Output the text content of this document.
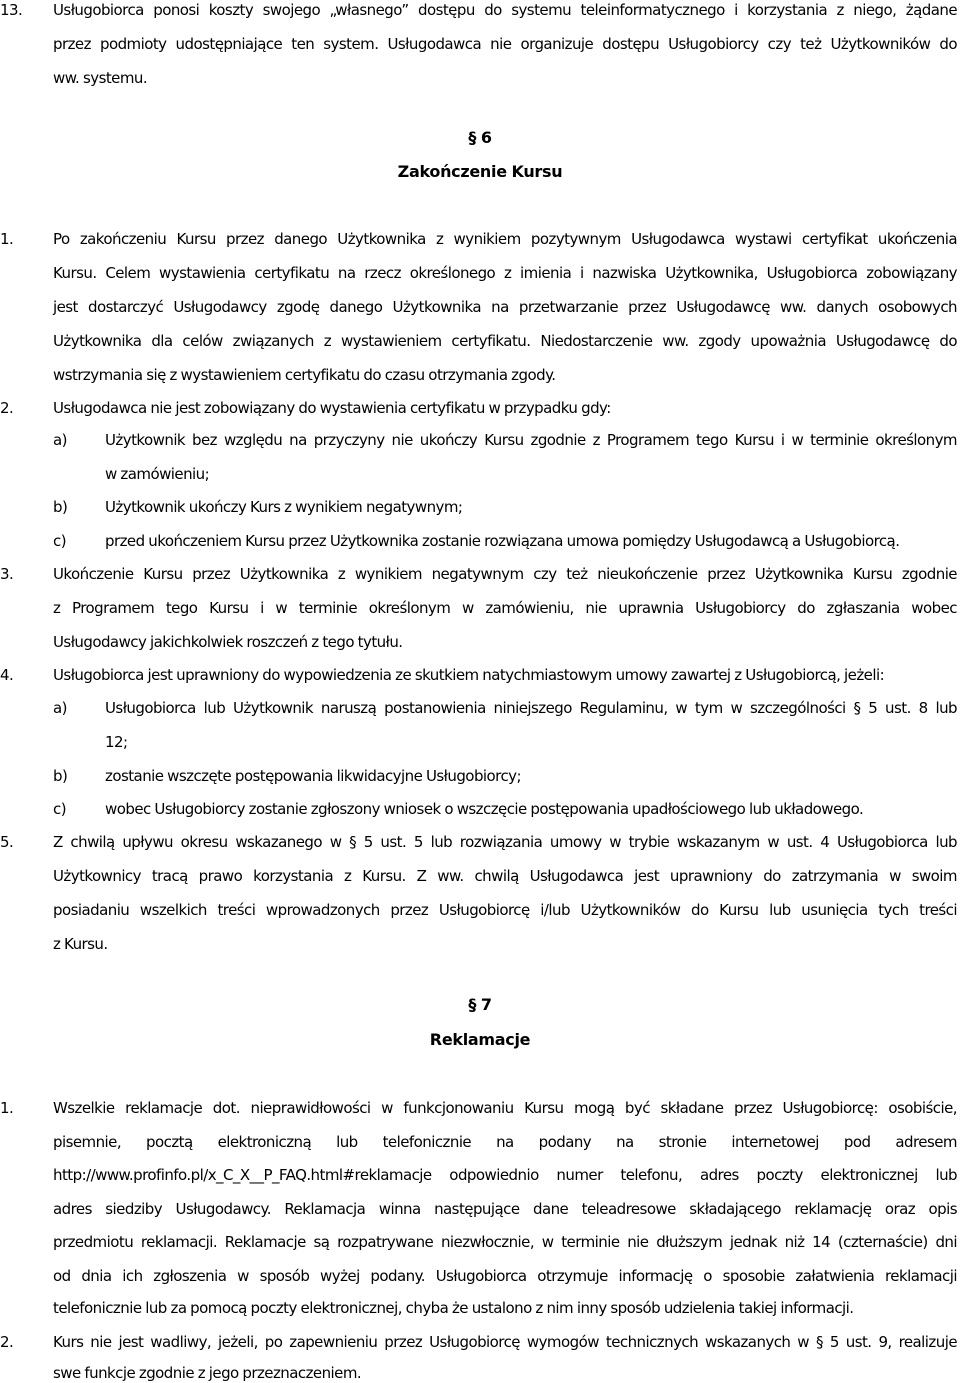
13. Usługobiorca ponosi koszty swojego „własnego” dostępu do systemu teleinformatycznego i korzystania z niego, żądane
przez podmioty udostępniające ten system. Usługodawca nie organizuje dostępu Usługobiorcy czy też Użytkowników do
ww. systemu.
§ 6
Zakończenie Kursu
1.	Po zakończeniu Kursu przez danego Użytkownika z wynikiem pozytywnym Usługodawca wystawi certyfikat ukończenia
Kursu. Celem wystawienia certyfikatu na rzecz określonego z imienia i nazwiska Użytkownika, Usługobiorca zobowiązany
jest dostarczyć Usługodawcy zgodę danego Użytkownika na przetwarzanie przez Usługodawcę ww. danych osobowych
Użytkownika dla celów związanych z wystawieniem certyfikatu. Niedostarczenie ww. zgody upoważnia Usługodawcę do
wstrzymania się z wystawieniem certyfikatu do czasu otrzymania zgody.
2.	Usługodawca nie jest zobowiązany do wystawienia certyfikatu w przypadku gdy:
a)	Użytkownik bez względu na przyczyny nie ukończy Kursu zgodnie z Programem tego Kursu i w terminie określonym
w zamówieniu;
b)	Użytkownik ukończy Kurs z wynikiem negatywnym;
c)	przed ukończeniem Kursu przez Użytkownika zostanie rozwiązana umowa pomiędzy Usługodawcą a Usługobiorcą.
3.	Ukończenie Kursu przez Użytkownika z wynikiem negatywnym czy też nieukończenie przez Użytkownika Kursu zgodnie
z Programem tego Kursu i w terminie określonym w zamówieniu, nie uprawnia Usługobiorcy do zgłaszania wobec
Usługodawcy jakichkolwiek roszczeń z tego tytułu.
4.	Usługobiorca jest uprawniony do wypowiedzenia ze skutkiem natychmiastowym umowy zawartej z Usługobiorcą, jeżeli:
a)	Usługobiorca lub Użytkownik naruszą postanowienia niniejszego Regulaminu, w tym w szczególności § 5 ust. 8 lub
12;
b)	zostanie wszczęte postępowania likwidacyjne Usługobiorcy;
c)	wobec Usługobiorcy zostanie zgłoszony wniosek o wszczęcie postępowania upadłościowego lub układowego.
5.	Z chwilą upływu okresu wskazanego w § 5 ust. 5 lub rozwiązania umowy w trybie wskazanym w ust. 4 Usługobiorca lub
Użytkownicy tracą prawo korzystania z Kursu. Z ww. chwilą Usługodawca jest uprawniony do zatrzymania w swoim
posiadaniu wszelkich treści wprowadzonych przez Usługobiorcę i/lub Użytkowników do Kursu lub usunięcia tych treści
z Kursu.
§ 7
Reklamacje
1.	Wszelkie reklamacje dot. nieprawidłowości w funkcjonowaniu Kursu mogą być składane przez Usługobiorcę: osobiście,
pisemnie, pocztą elektroniczną lub telefonicznie na podany na stronie internetowej pod adresem
http://www.profinfo.pl/x_C_X__P_FAQ.html#reklamacje odpowiednio numer telefonu, adres poczty elektronicznej lub
adres siedziby Usługodawcy. Reklamacja winna następujące dane teleadresowe składającego reklamację oraz opis
przedmiotu reklamacji. Reklamacje są rozpatrywane niezwłocznie, w terminie nie dłuższym jednak niż 14 (czternaście) dni
od dnia ich zgłoszenia w sposób wyżej podany. Usługobiorca otrzymuje informację o sposobie załatwienia reklamacji
telefonicznie lub za pomocą poczty elektronicznej, chyba że ustalono z nim inny sposób udzielenia takiej informacji.
2.	Kurs nie jest wadliwy, jeżeli, po zapewnieniu przez Usługobiorcę wymogów technicznych wskazanych w § 5 ust. 9, realizuje
swe funkcje zgodnie z jego przeznaczeniem.
